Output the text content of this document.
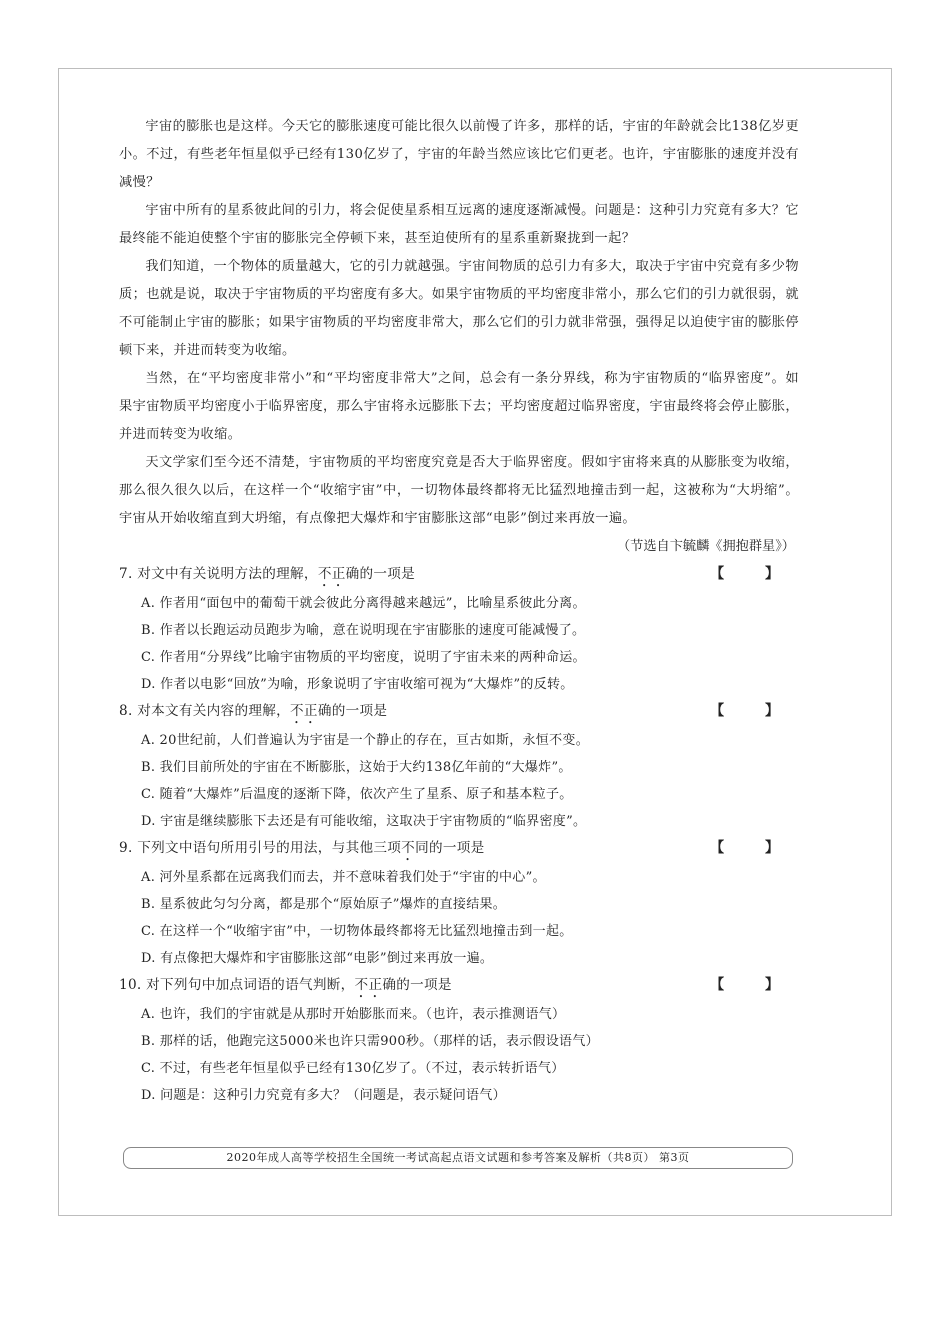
宇宙的膨胀也是这样。今天它的膨胀速度可能比很久以前慢了许多，那样的话，宇宙的年龄就会比138亿岁更小。不过，有些老年恒星似乎已经有130亿岁了，宇宙的年龄当然应该比它们更老。也许，宇宙膨胀的速度并没有减慢？

宇宙中所有的星系彼此间的引力，将会促使星系相互远离的速度逐渐减慢。问题是：这种引力究竟有多大？它最终能不能迫使整个宇宙的膨胀完全停顿下来，甚至迫使所有的星系重新聚拢到一起？

我们知道，一个物体的质量越大，它的引力就越强。宇宙间物质的总引力有多大，取决于宇宙中究竟有多少物质；也就是说，取决于宇宙物质的平均密度有多大。如果宇宙物质的平均密度非常小，那么它们的引力就很弱，就不可能制止宇宙的膨胀；如果宇宙物质的平均密度非常大，那么它们的引力就非常强，强得足以迫使宇宙的膨胀停顿下来，并进而转变为收缩。

当然，在“平均密度非常小”和“平均密度非常大”之间，总会有一条分界线，称为宇宙物质的“临界密度”。如果宇宙物质平均密度小于临界密度，那么宇宙将永远膨胀下去；平均密度超过临界密度，宇宙最终将会停止膨胀，并进而转变为收缩。

天文学家们至今还不清楚，宇宙物质的平均密度究竟是否大于临界密度。假如宇宙将来真的从膨胀变为收缩，那么很久很久以后，在这样一个“收缩宇宙”中，一切物体最终都将无比猛烈地撞击到一起，这被称为“大坍缩”。宇宙从开始收缩直到大坍缩，有点像把大爆炸和宇宙膨胀这部“电影”倒过来再放一遍。

（节选自卞毓麟《拥抱群星》）

7. 对文中有关说明方法的理解，不正确的一项是	【 】

A. 作者用“面包中的葡萄干就会彼此分离得越来越远”，比喻星系彼此分离。

B. 作者以长跑运动员跑步为喻，意在说明现在宇宙膨胀的速度可能减慢了。

C. 作者用“分界线”比喻宇宙物质的平均密度，说明了宇宙未来的两种命运。

D. 作者以电影“回放”为喻，形象说明了宇宙收缩可视为“大爆炸”的反转。

8. 对本文有关内容的理解，不正确的一项是	【 】

A. 20世纪前，人们普遍认为宇宙是一个静止的存在，亘古如斯，永恒不变。

B. 我们目前所处的宇宙在不断膨胀，这始于大约138亿年前的“大爆炸”。

C. 随着“大爆炸”后温度的逐渐下降，依次产生了星系、原子和基本粒子。

D. 宇宙是继续膨胀下去还是有可能收缩，这取决于宇宙物质的“临界密度”。

9. 下列文中语句所用引号的用法，与其他三项不同的一项是	【 】

A. 河外星系都在远离我们而去，并不意味着我们处于“宇宙的中心”。

B. 星系彼此匀匀分离，都是那个“原始原子”爆炸的直接结果。

C. 在这样一个“收缩宇宙”中，一切物体最终都将无比猛烈地撞击到一起。

D. 有点像把大爆炸和宇宙膨胀这部“电影”倒过来再放一遍。

10. 对下列句中加点词语的语气判断，不正确的一项是	【 】

A. 也许，我们的宇宙就是从那时开始膨胀而来。（也许，表示推测语气）

B. 那样的话，他跑完这5000米也许只需900秒。（那样的话，表示假设语气）

C. 不过，有些老年恒星似乎已经有130亿岁了。（不过，表示转折语气）

D. 问题是：这种引力究竟有多大？（问题是，表示疑问语气）

2020年成人高等学校招生全国统一考试高起点语文试题和参考答案及解析（共8页） 第3页
